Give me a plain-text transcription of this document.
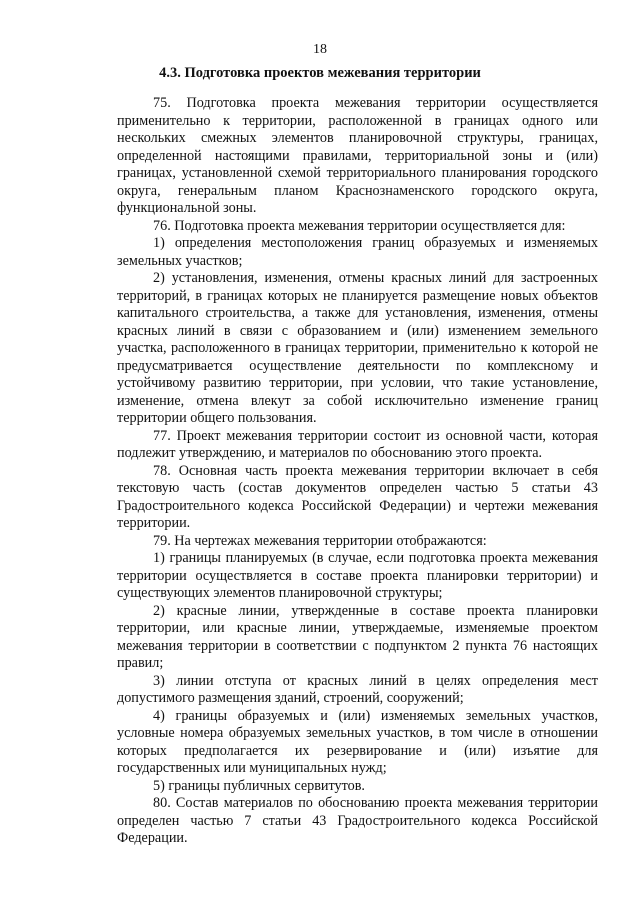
18
4.3. Подготовка проектов межевания территории

75. Подготовка проекта межевания территории осуществляется применительно к территории, расположенной в границах одного или нескольких смежных элементов планировочной структуры, границах, определенной настоящими правилами, территориальной зоны и (или) границах, установленной схемой территориального планирования городского округа, генеральным планом Краснознаменского городского округа, функциональной зоны.

76. Подготовка проекта межевания территории осуществляется для:

1) определения местоположения границ образуемых и изменяемых земельных участков;

2) установления, изменения, отмены красных линий для застроенных территорий, в границах которых не планируется размещение новых объектов капитального строительства, а также для установления, изменения, отмены красных линий в связи с образованием и (или) изменением земельного участка, расположенного в границах территории, применительно к которой не предусматривается осуществление деятельности по комплексному и устойчивому развитию территории, при условии, что такие установление, изменение, отмена влекут за собой исключительно изменение границ территории общего пользования.

77. Проект межевания территории состоит из основной части, которая подлежит утверждению, и материалов по обоснованию этого проекта.

78. Основная часть проекта межевания территории включает в себя текстовую часть (состав документов определен частью 5 статьи 43 Градостроительного кодекса Российской Федерации) и чертежи межевания территории.

79. На чертежах межевания территории отображаются:

1) границы планируемых (в случае, если подготовка проекта межевания территории осуществляется в составе проекта планировки территории) и существующих элементов планировочной структуры;

2) красные линии, утвержденные в составе проекта планировки территории, или красные линии, утверждаемые, изменяемые проектом межевания территории в соответствии с подпунктом 2 пункта 76 настоящих правил;

3) линии отступа от красных линий в целях определения мест допустимого размещения зданий, строений, сооружений;

4) границы образуемых и (или) изменяемых земельных участков, условные номера образуемых земельных участков, в том числе в отношении которых предполагается их резервирование и (или) изъятие для государственных или муниципальных нужд;

5) границы публичных сервитутов.

80. Состав материалов по обоснованию проекта межевания территории определен частью 7 статьи 43 Градостроительного кодекса Российской Федерации.
